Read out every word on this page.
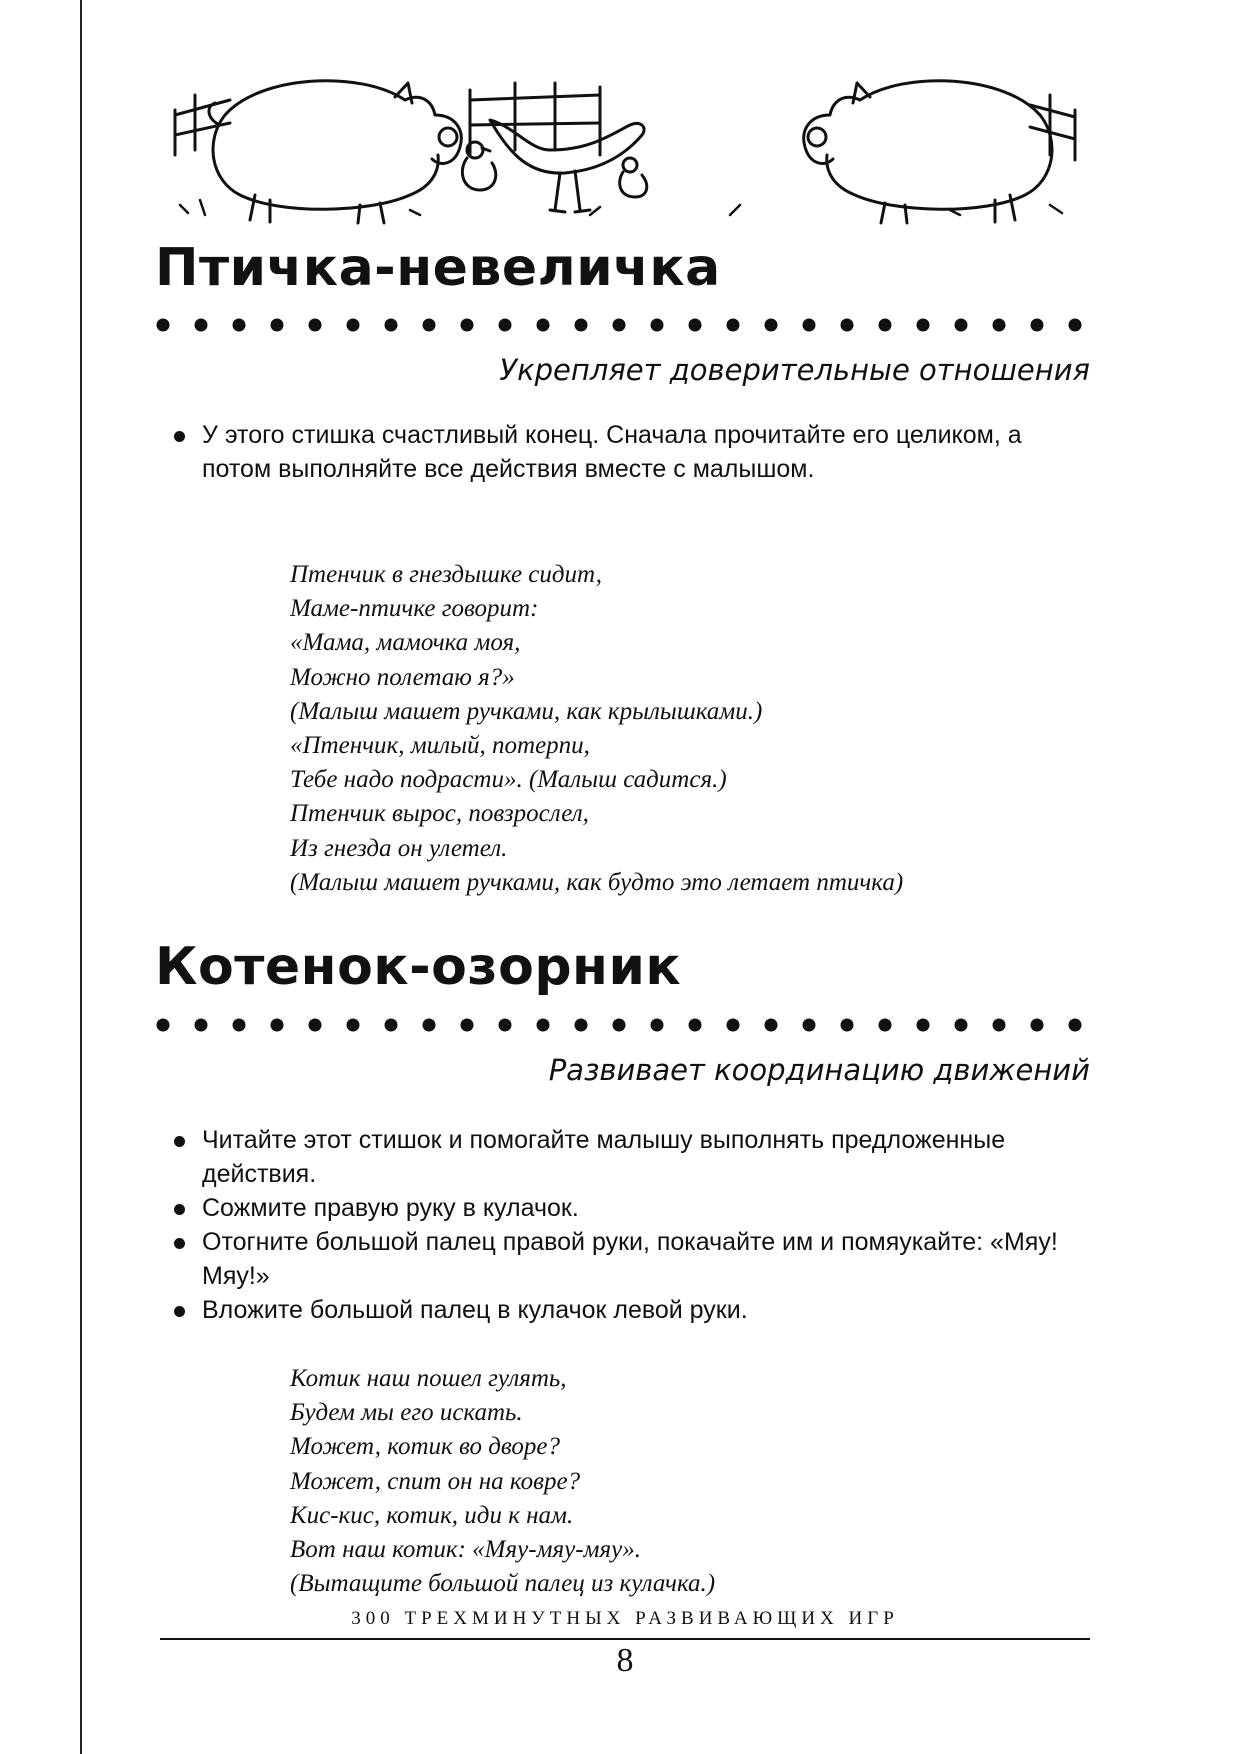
Птичка-невеличка

Укрепляет доверительные отношения

У этого стишка счастливый конец. Сначала прочитайте его целиком, а потом выполняйте все действия вместе с малышом.
Птенчик в гнездышке сидит,
Маме-птичке говорит:
«Мама, мамочка моя,
Можно полетаю я?»
(Малыш машет ручками, как крылышками.)
«Птенчик, милый, потерпи,
Тебе надо подрасти». (Малыш садится.)
Птенчик вырос, повзрослел,
Из гнезда он улетел.
(Малыш машет ручками, как будто это летает птичка)
Котенок-озорник

Развивает координацию движений

Читайте этот стишок и помогайте малышу выполнять предложенные действия.
Сожмите правую руку в кулачок.
Отогните большой палец правой руки, покачайте им и помяукайте: «Мяу! Мяу!»
Вложите большой палец в кулачок левой руки.
Котик наш пошел гулять,
Будем мы его искать.
Может, котик во дворе?
Может, спит он на ковре?
Кис-кис, котик, иди к нам.
Вот наш котик: «Мяу-мяу-мяу».
(Вытащите большой палец из кулачка.)

300 ТРЕХМИНУТНЫХ РАЗВИВАЮЩИХ ИГР

8
